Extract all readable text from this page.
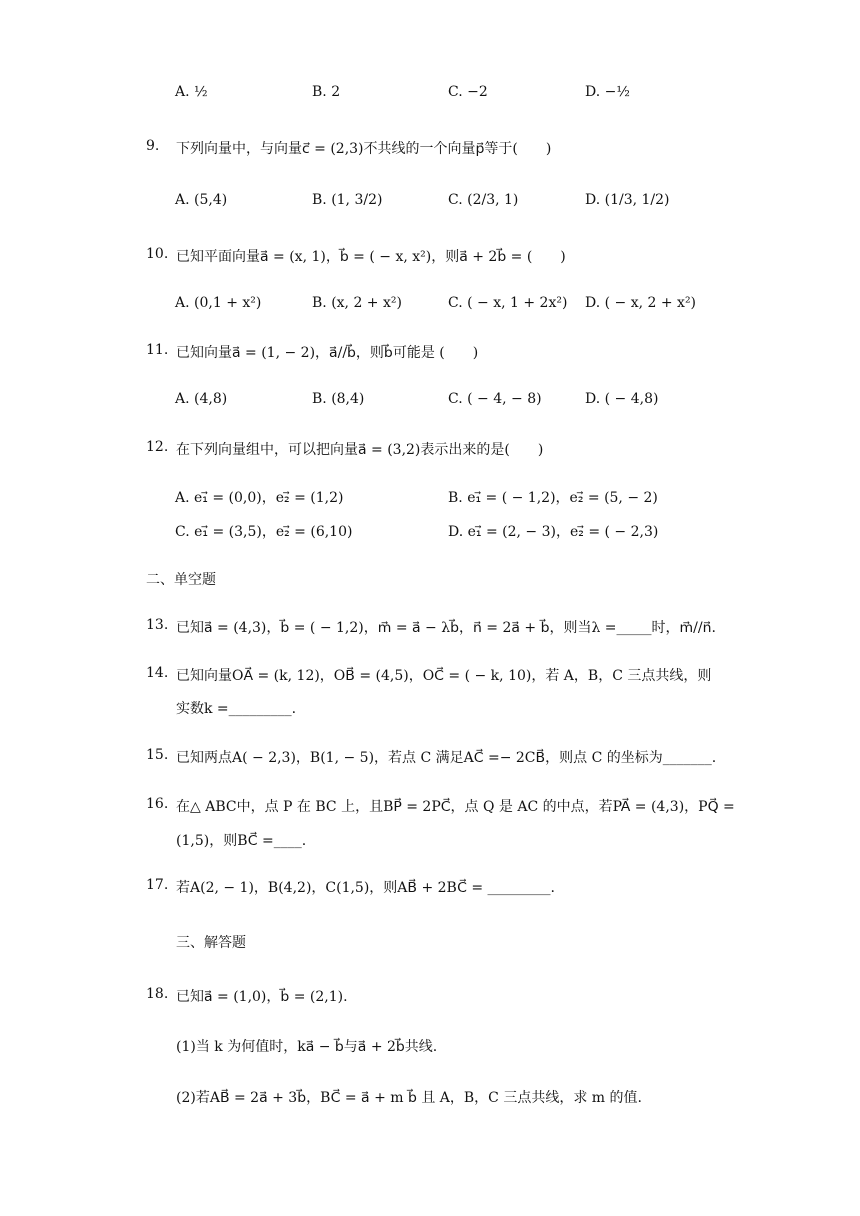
A. ½	B. 2	C. −2	D. −½
9. 下列向量中，与向量c⃗ = (2,3)不共线的一个向量p⃗等于(　　)
A. (5,4)	B. (1, 3/2)	C. (2/3, 1)	D. (1/3, 1/2)
10. 已知平面向量a⃗ = (x, 1)，b⃗ = ( − x, x²)，则a⃗ + 2b⃗ = (　　)
A. (0,1 + x²)	B. (x, 2 + x²)	C. ( − x, 1 + 2x²) D. ( − x, 2 + x²)
11. 已知向量a⃗ = (1, − 2)，a⃗//b⃗，则b⃗可能是 (　　)
A. (4,8)	B. (8,4)	C. ( − 4, − 8)	D. ( − 4,8)
12. 在下列向量组中，可以把向量a⃗ = (3,2)表示出来的是(　　)
A. e₁⃗ = (0,0)，e₂⃗ = (1,2)	B. e₁⃗ = ( − 1,2)，e₂⃗ = (5, − 2)
C. e₁⃗ = (3,5)，e₂⃗ = (6,10)	D. e₁⃗ = (2, − 3)，e₂⃗ = ( − 2,3)
二、单空题
13. 已知a⃗ = (4,3)，b⃗ = ( − 1,2)，m⃗ = a⃗ − λb⃗，n⃗ = 2a⃗ + b⃗，则当λ =_____时，m⃗//n⃗.
14. 已知向量OA⃗ = (k, 12)，OB⃗ = (4,5)，OC⃗ = ( − k, 10)，若 A，B，C 三点共线，则
实数k =_________.
15. 已知两点A( − 2,3)，B(1, − 5)，若点 C 满足AC⃗ =− 2CB⃗，则点 C 的坐标为_______.
16. 在△ ABC中，点 P 在 BC 上，且BP⃗ = 2PC⃗，点 Q 是 AC 的中点，若PA⃗ = (4,3)，PQ⃗ =
(1,5)，则BC⃗ =____.
17. 若A(2, − 1)，B(4,2)，C(1,5)，则AB⃗ + 2BC⃗ = _________.
三、解答题
18. 已知a⃗ = (1,0)，b⃗ = (2,1).
(1)当 k 为何值时，ka⃗ − b⃗与a⃗ + 2b⃗共线.
(2)若AB⃗ = 2a⃗ + 3b⃗，BC⃗ = a⃗ + m b⃗ 且 A，B，C 三点共线，求 m 的值.
